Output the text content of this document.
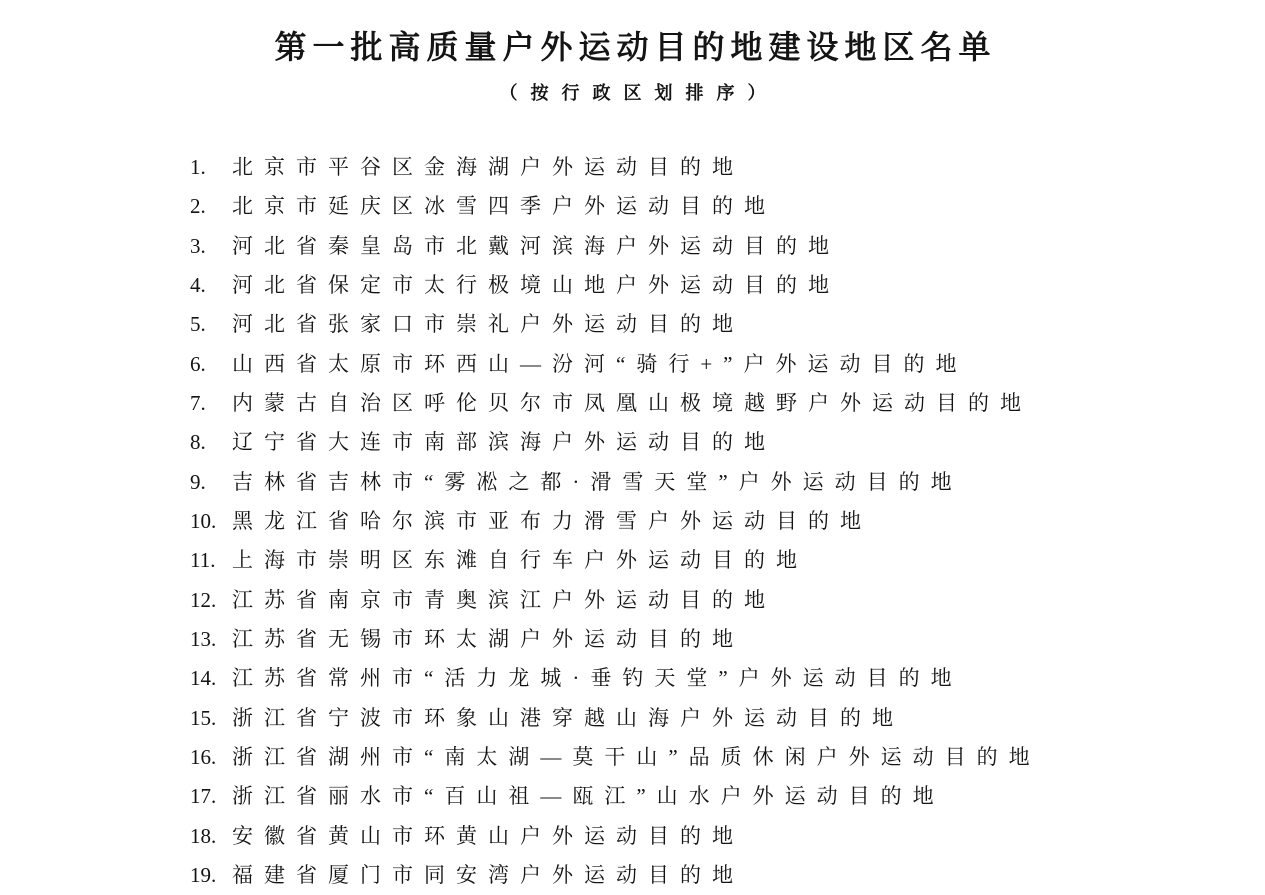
第一批高质量户外运动目的地建设地区名单
（按行政区划排序）
1.	北京市平谷区金海湖户外运动目的地
2.	北京市延庆区冰雪四季户外运动目的地
3.	河北省秦皇岛市北戴河滨海户外运动目的地
4.	河北省保定市太行极境山地户外运动目的地
5.	河北省张家口市崇礼户外运动目的地
6.	山西省太原市环西山—汾河“骑行+”户外运动目的地
7.	内蒙古自治区呼伦贝尔市凤凰山极境越野户外运动目的地
8.	辽宁省大连市南部滨海户外运动目的地
9.	吉林省吉林市“雾凇之都·滑雪天堂”户外运动目的地
10. 黑龙江省哈尔滨市亚布力滑雪户外运动目的地
11. 上海市崇明区东滩自行车户外运动目的地
12. 江苏省南京市青奥滨江户外运动目的地
13. 江苏省无锡市环太湖户外运动目的地
14. 江苏省常州市“活力龙城·垂钓天堂”户外运动目的地
15. 浙江省宁波市环象山港穿越山海户外运动目的地
16. 浙江省湖州市“南太湖—莫干山”品质休闲户外运动目的地
17. 浙江省丽水市“百山祖—瓯江”山水户外运动目的地
18. 安徽省黄山市环黄山户外运动目的地
19. 福建省厦门市同安湾户外运动目的地
